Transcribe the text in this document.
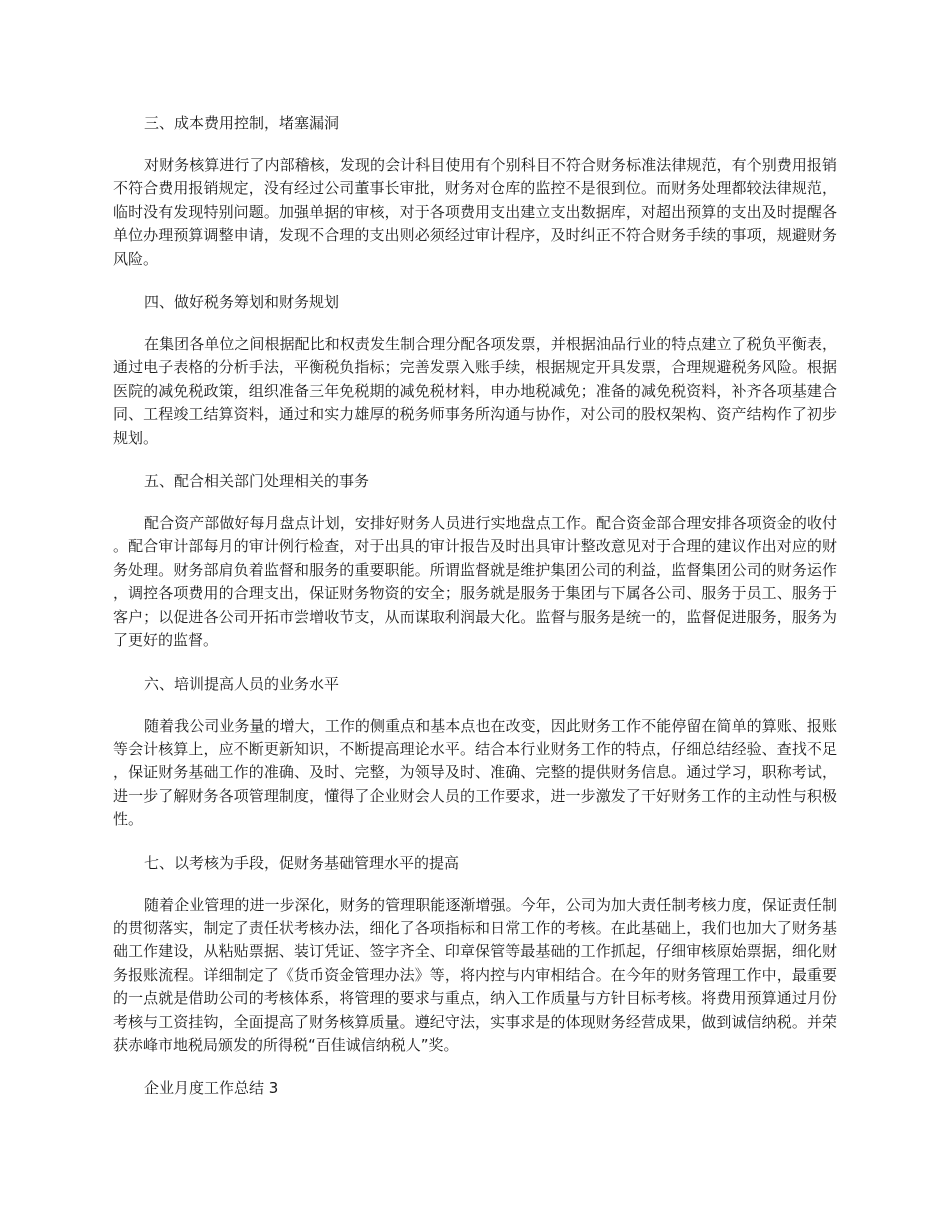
三、成本费用控制，堵塞漏洞
对财务核算进行了内部稽核，发现的会计科目使用有个别科目不符合财务标准法律规范，有个别费用报销不符合费用报销规定，没有经过公司董事长审批，财务对仓库的监控不是很到位。而财务处理都较法律规范，临时没有发现特别问题。加强单据的审核，对于各项费用支出建立支出数据库，对超出预算的支出及时提醒各单位办理预算调整申请，发现不合理的支出则必须经过审计程序，及时纠正不符合财务手续的事项，规避财务风险。
四、做好税务筹划和财务规划
在集团各单位之间根据配比和权责发生制合理分配各项发票，并根据油品行业的特点建立了税负平衡表，通过电子表格的分析手法，平衡税负指标；完善发票入账手续，根据规定开具发票，合理规避税务风险。根据医院的减免税政策，组织准备三年免税期的减免税材料，申办地税减免；准备的减免税资料，补齐各项基建合同、工程竣工结算资料，通过和实力雄厚的税务师事务所沟通与协作，对公司的股权架构、资产结构作了初步规划。
五、配合相关部门处理相关的事务
配合资产部做好每月盘点计划，安排好财务人员进行实地盘点工作。配合资金部合理安排各项资金的收付。配合审计部每月的审计例行检查，对于出具的审计报告及时出具审计整改意见对于合理的建议作出对应的财务处理。财务部肩负着监督和服务的重要职能。所谓监督就是维护集团公司的利益，监督集团公司的财务运作，调控各项费用的合理支出，保证财务物资的安全；服务就是服务于集团与下属各公司、服务于员工、服务于客户；以促进各公司开拓市尝增收节支，从而谋取利润最大化。监督与服务是统一的，监督促进服务，服务为了更好的监督。
六、培训提高人员的业务水平
随着我公司业务量的增大，工作的侧重点和基本点也在改变，因此财务工作不能停留在简单的算账、报账等会计核算上，应不断更新知识，不断提高理论水平。结合本行业财务工作的特点，仔细总结经验、查找不足，保证财务基础工作的准确、及时、完整，为领导及时、准确、完整的提供财务信息。通过学习，职称考试，进一步了解财务各项管理制度，懂得了企业财会人员的工作要求，进一步激发了干好财务工作的主动性与积极性。
七、以考核为手段，促财务基础管理水平的提高
随着企业管理的进一步深化，财务的管理职能逐渐增强。今年，公司为加大责任制考核力度，保证责任制的贯彻落实，制定了责任状考核办法，细化了各项指标和日常工作的考核。在此基础上，我们也加大了财务基础工作建设，从粘贴票据、装订凭证、签字齐全、印章保管等最基础的工作抓起，仔细审核原始票据，细化财务报账流程。详细制定了《货币资金管理办法》等，将内控与内审相结合。在今年的财务管理工作中，最重要的一点就是借助公司的考核体系，将管理的要求与重点，纳入工作质量与方针目标考核。将费用预算通过月份考核与工资挂钩，全面提高了财务核算质量。遵纪守法，实事求是的体现财务经营成果，做到诚信纳税。并荣获赤峰市地税局颁发的所得税“百佳诚信纳税人”奖。
企业月度工作总结 3
